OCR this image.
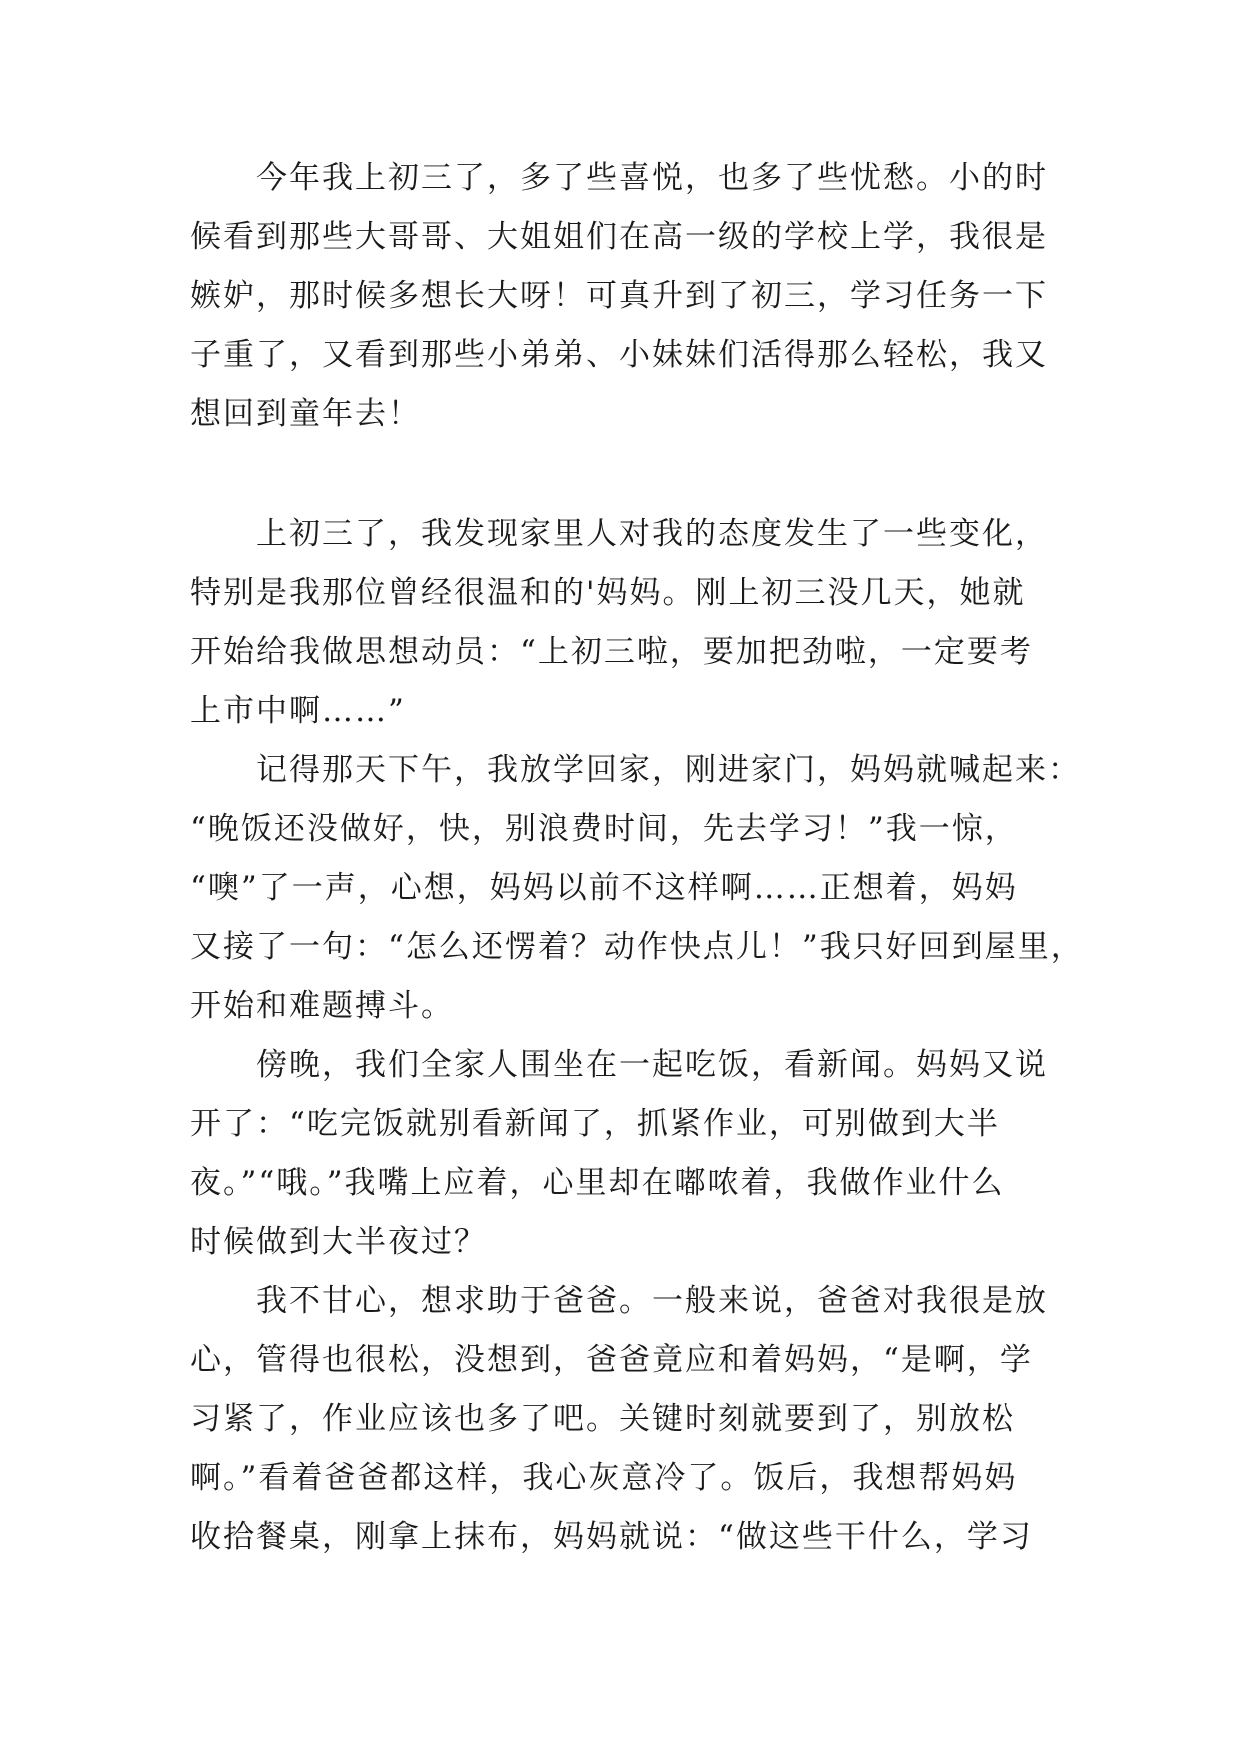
　　今年我上初三了，多了些喜悦，也多了些忧愁。小的时

候看到那些大哥哥、大姐姐们在高一级的学校上学，我很是

嫉妒，那时候多想长大呀！可真升到了初三，学习任务一下

子重了，又看到那些小弟弟、小妹妹们活得那么轻松，我又

想回到童年去！

　　上初三了，我发现家里人对我的态度发生了一些变化，

特别是我那位曾经很温和的'妈妈。刚上初三没几天，她就

开始给我做思想动员：“上初三啦，要加把劲啦，一定要考

上市中啊……”

　　记得那天下午，我放学回家，刚进家门，妈妈就喊起来：

“晚饭还没做好，快，别浪费时间，先去学习！”我一惊，

“噢”了一声，心想，妈妈以前不这样啊……正想着，妈妈

又接了一句：“怎么还愣着？动作快点儿！”我只好回到屋里，

开始和难题搏斗。

　　傍晚，我们全家人围坐在一起吃饭，看新闻。妈妈又说

开了：“吃完饭就别看新闻了，抓紧作业，可别做到大半

夜。”“哦。”我嘴上应着，心里却在嘟哝着，我做作业什么

时候做到大半夜过？

　　我不甘心，想求助于爸爸。一般来说，爸爸对我很是放

心，管得也很松，没想到，爸爸竟应和着妈妈，“是啊，学

习紧了，作业应该也多了吧。关键时刻就要到了，别放松

啊。”看着爸爸都这样，我心灰意冷了。饭后，我想帮妈妈

收拾餐桌，刚拿上抹布，妈妈就说：“做这些干什么，学习
